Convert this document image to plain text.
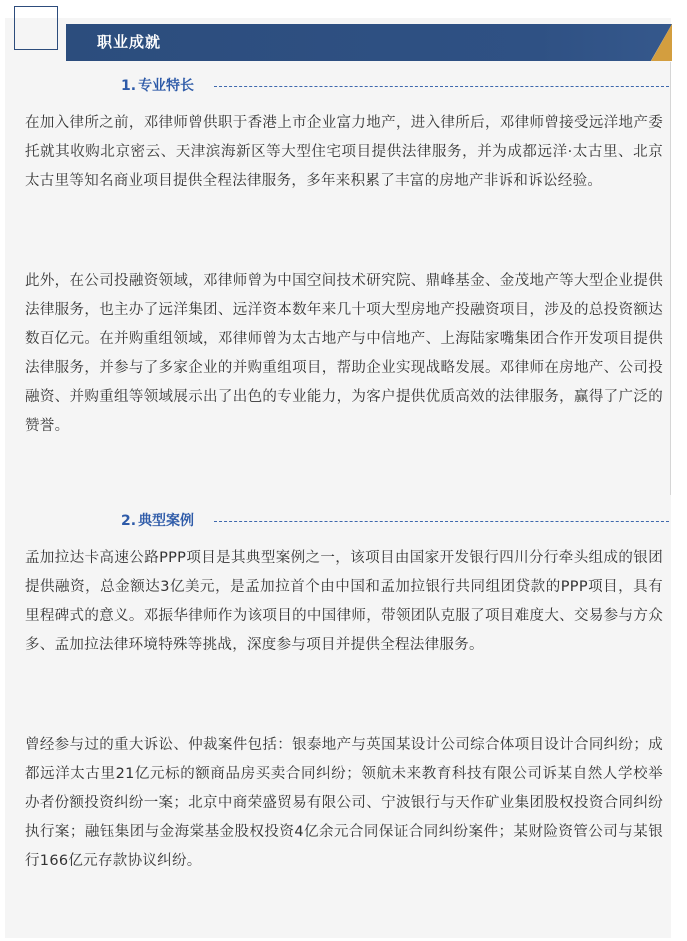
职业成就
1. 专业特长

在加入律所之前，邓律师曾供职于香港上市企业富力地产，进入律所后，邓律师曾接受远洋地产委托就其收购北京密云、天津滨海新区等大型住宅项目提供法律服务，并为成都远洋·太古里、北京太古里等知名商业项目提供全程法律服务，多年来积累了丰富的房地产非诉和诉讼经验。

此外，在公司投融资领域，邓律师曾为中国空间技术研究院、鼎峰基金、金茂地产等大型企业提供法律服务，也主办了远洋集团、远洋资本数年来几十项大型房地产投融资项目，涉及的总投资额达数百亿元。在并购重组领域，邓律师曾为太古地产与中信地产、上海陆家嘴集团合作开发项目提供法律服务，并参与了多家企业的并购重组项目，帮助企业实现战略发展。邓律师在房地产、公司投融资、并购重组等领域展示出了出色的专业能力，为客户提供优质高效的法律服务，赢得了广泛的赞誉。

2. 典型案例

孟加拉达卡高速公路PPP项目是其典型案例之一，该项目由国家开发银行四川分行牵头组成的银团提供融资，总金额达3亿美元，是孟加拉首个由中国和孟加拉银行共同组团贷款的PPP项目，具有里程碑式的意义。邓振华律师作为该项目的中国律师，带领团队克服了项目难度大、交易参与方众多、孟加拉法律环境特殊等挑战，深度参与项目并提供全程法律服务。

曾经参与过的重大诉讼、仲裁案件包括：银泰地产与英国某设计公司综合体项目设计合同纠纷；成都远洋太古里21亿元标的额商品房买卖合同纠纷；领航未来教育科技有限公司诉某自然人学校举办者份额投资纠纷一案；北京中商荣盛贸易有限公司、宁波银行与天作矿业集团股权投资合同纠纷执行案；融钰集团与金海棠基金股权投资4亿余元合同保证合同纠纷案件；某财险资管公司与某银行166亿元存款协议纠纷。
